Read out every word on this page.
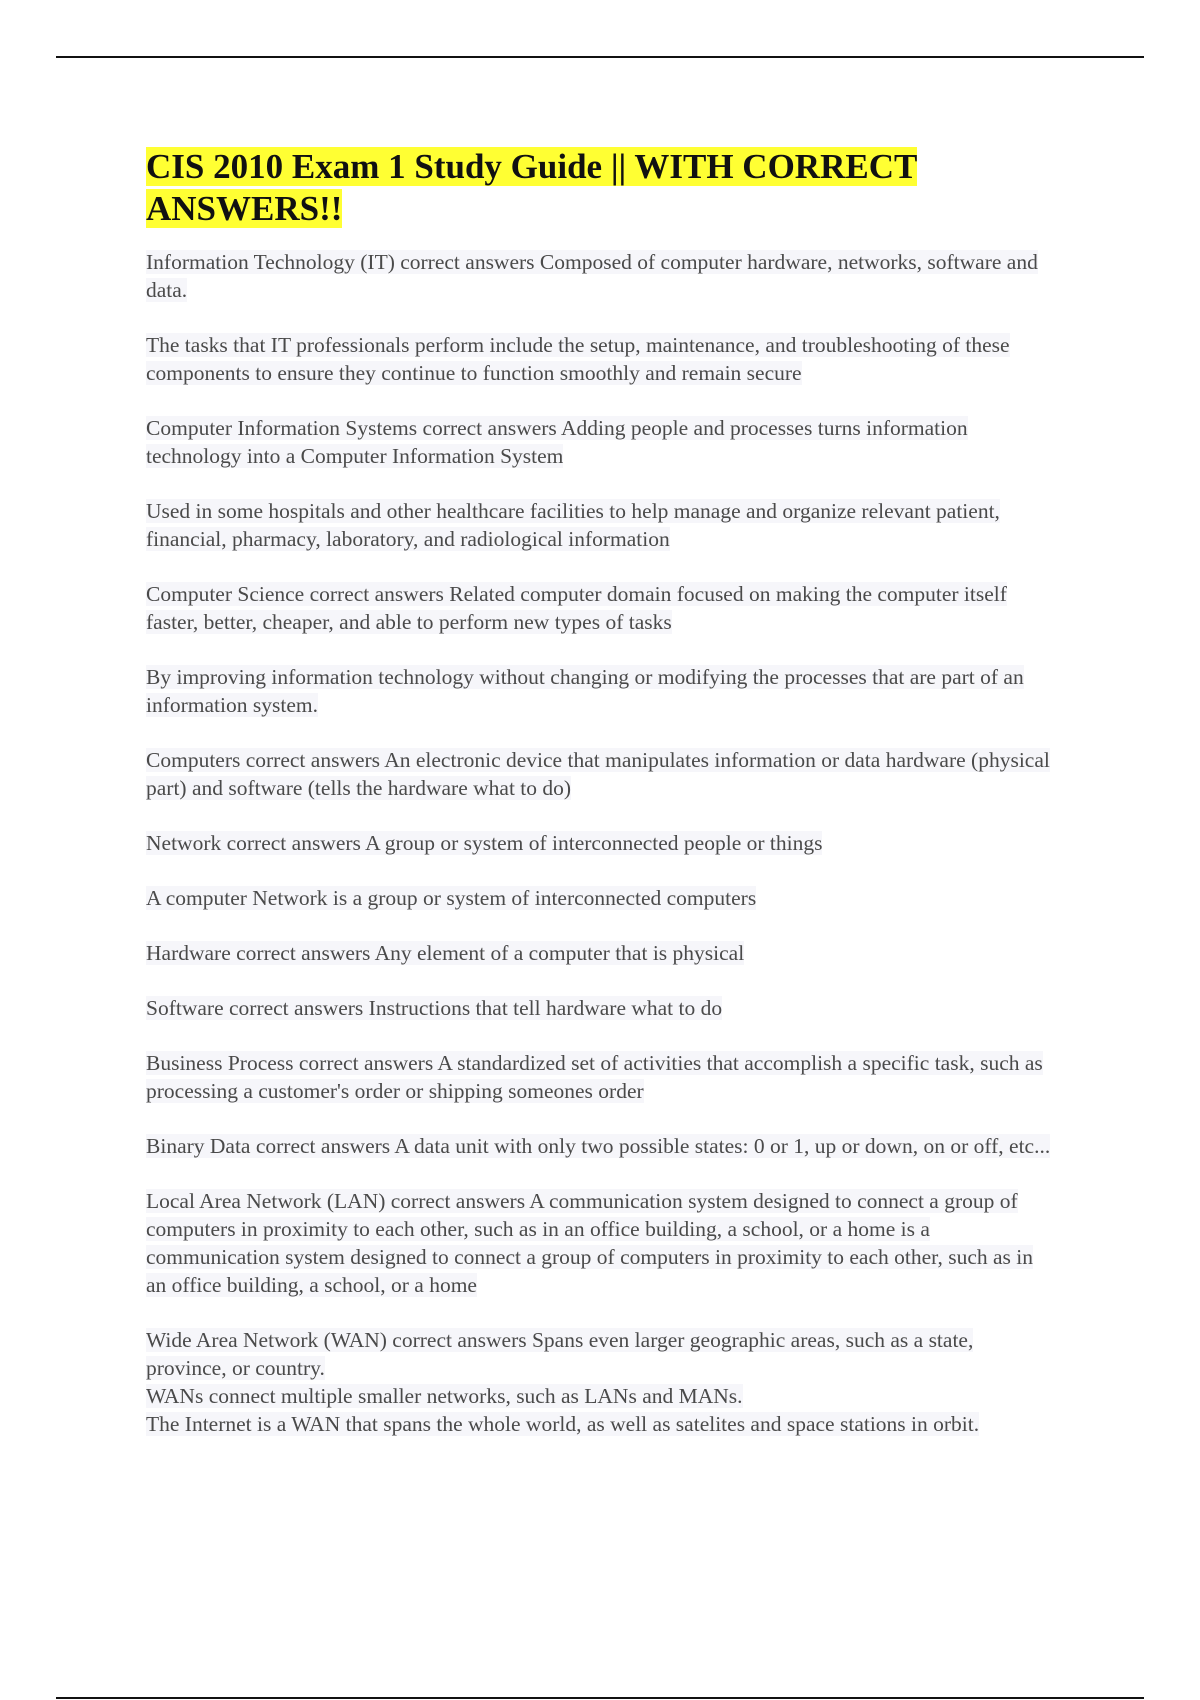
CIS 2010 Exam 1 Study Guide || WITH CORRECT ANSWERS!!
Information Technology (IT) correct answers Composed of computer hardware, networks, software and data.
The tasks that IT professionals perform include the setup, maintenance, and troubleshooting of these components to ensure they continue to function smoothly and remain secure
Computer Information Systems correct answers Adding people and processes turns information technology into a Computer Information System
Used in some hospitals and other healthcare facilities to help manage and organize relevant patient, financial, pharmacy, laboratory, and radiological information
Computer Science correct answers Related computer domain focused on making the computer itself faster, better, cheaper, and able to perform new types of tasks
By improving information technology without changing or modifying the processes that are part of an information system.
Computers correct answers An electronic device that manipulates information or data hardware (physical part) and software (tells the hardware what to do)
Network correct answers A group or system of interconnected people or things
A computer Network is a group or system of interconnected computers
Hardware correct answers Any element of a computer that is physical
Software correct answers Instructions that tell hardware what to do
Business Process correct answers A standardized set of activities that accomplish a specific task, such as processing a customer's order or shipping someones order
Binary Data correct answers A data unit with only two possible states: 0 or 1, up or down, on or off, etc...
Local Area Network (LAN) correct answers A communication system designed to connect a group of computers in proximity to each other, such as in an office building, a school, or a home is a communication system designed to connect a group of computers in proximity to each other, such as in an office building, a school, or a home
Wide Area Network (WAN) correct answers Spans even larger geographic areas, such as a state, province, or country.
WANs connect multiple smaller networks, such as LANs and MANs.
The Internet is a WAN that spans the whole world, as well as satelites and space stations in orbit.
